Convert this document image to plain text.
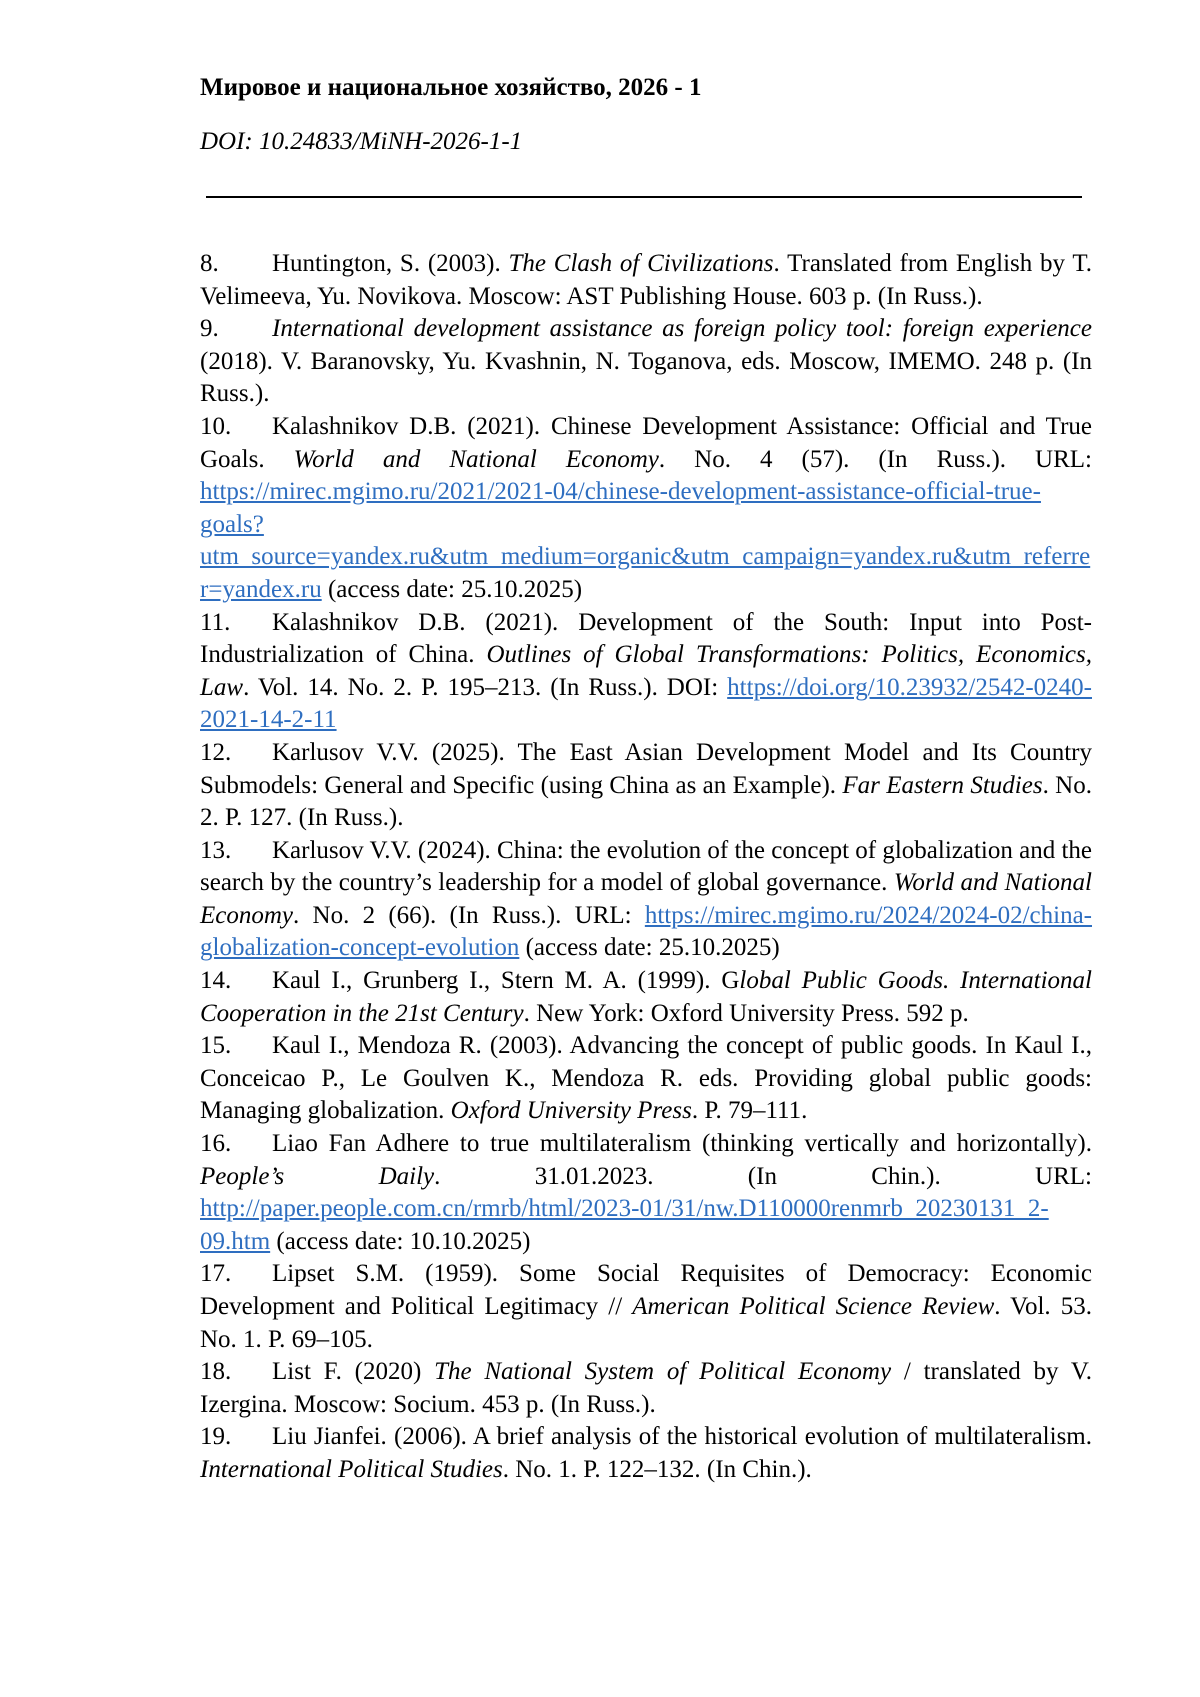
Мировое и национальное хозяйство, 2026 - 1
DOI: 10.24833/MiNH-2026-1-1

8. Huntington, S. (2003). The Clash of Civilizations. Translated from English by T. Velimeeva, Yu. Novikova. Moscow: AST Publishing House. 603 p. (In Russ.).

9. International development assistance as foreign policy tool: foreign experience (2018). V. Baranovsky, Yu. Kvashnin, N. Toganova, eds. Moscow, IMEMO. 248 p. (In Russ.).

10. Kalashnikov D.B. (2021). Chinese Development Assistance: Official and True Goals. World and National Economy. No. 4 (57). (In Russ.). URL: https://mirec.mgimo.ru/2021/2021-04/chinese-development-assistance-official-true-goals?utm_source=yandex.ru&utm_medium=organic&utm_campaign=yandex.ru&utm_referrer=yandex.ru (access date: 25.10.2025)

11. Kalashnikov D.B. (2021). Development of the South: Input into Post-Industrialization of China. Outlines of Global Transformations: Politics, Economics, Law. Vol. 14. No. 2. P. 195–213. (In Russ.). DOI: https://doi.org/10.23932/2542-0240-2021-14-2-11

12. Karlusov V.V. (2025). The East Asian Development Model and Its Country Submodels: General and Specific (using China as an Example). Far Eastern Studies. No. 2. P. 127. (In Russ.).

13. Karlusov V.V. (2024). China: the evolution of the concept of globalization and the search by the country’s leadership for a model of global governance. World and National Economy. No. 2 (66). (In Russ.). URL: https://mirec.mgimo.ru/2024/2024-02/china-globalization-concept-evolution (access date: 25.10.2025)

14. Kaul I., Grunberg I., Stern M. A. (1999). Global Public Goods. International Cooperation in the 21st Century. New York: Oxford University Press. 592 p.

15. Kaul I., Mendoza R. (2003). Advancing the concept of public goods. In Kaul I., Conceicao P., Le Goulven K., Mendoza R. eds. Providing global public goods: Managing globalization. Oxford University Press. P. 79–111.

16. Liao Fan Adhere to true multilateralism (thinking vertically and horizontally). People’s Daily. 31.01.2023. (In Chin.). URL: http://paper.people.com.cn/rmrb/html/2023-01/31/nw.D110000renmrb_20230131_2-09.htm (access date: 10.10.2025)

17. Lipset S.M. (1959). Some Social Requisites of Democracy: Economic Development and Political Legitimacy // American Political Science Review. Vol. 53. No. 1. P. 69–105.

18. List F. (2020) The National System of Political Economy / translated by V. Izergina. Moscow: Socium. 453 p. (In Russ.).

19. Liu Jianfei. (2006). A brief analysis of the historical evolution of multilateralism. International Political Studies. No. 1. P. 122–132. (In Chin.).
